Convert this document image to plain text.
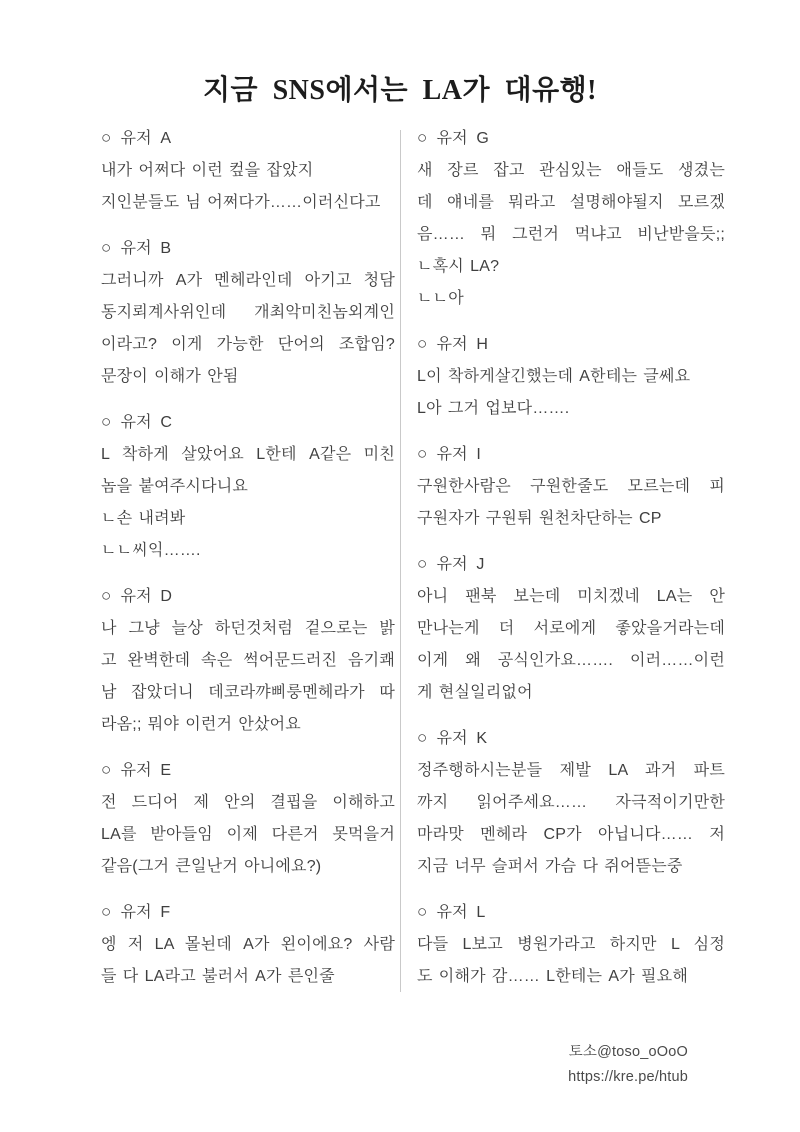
지금 SNS에서는 LA가 대유행!
○ 유저 A
내가 어쩌다 이런 컾을 잡았지
지인분들도 님 어쩌다가……이러신다고
○ 유저 B
그러니까 A가 멘헤라인데 아기고 청담
동지뢰계사위인데 개최악미친놈외계인
이라고? 이게 가능한 단어의 조합임?
문장이 이해가 안됨
○ 유저 C
L 착하게 살았어요 L한테 A같은 미친
놈을 붙여주시다니요
ㄴ손 내려봐
ㄴㄴ씨익…….
○ 유저 D
나 그냥 늘상 하던것처럼 겉으로는 밝
고 완벽한데 속은 썩어문드러진 음기쾌
남 잡았더니 데코라꺄삐룽멘헤라가 따
라옴;; 뭐야 이런거 안샀어요
○ 유저 E
전 드디어 제 안의 결핍을 이해하고
LA를 받아들임 이제 다른거 못먹을거
같음(그거 큰일난거 아니에요?)
○ 유저 F
엥 저 LA 몰뇐데 A가 왼이에요? 사람
들 다 LA라고 불러서 A가 른인줄
○ 유저 G
새 장르 잡고 관심있는 애들도 생겼는
데 얘네를 뭐라고 설명해야될지 모르겠
음…… 뭐 그런거 먹냐고 비난받을듯;;
ㄴ혹시 LA?
ㄴㄴ아
○ 유저 H
L이 착하게살긴했는데 A한테는 글쎄요
L아 그거 업보다…….
○ 유저 I
구원한사람은 구원한줄도 모르는데 피
구원자가 구원튀 원천차단하는 CP
○ 유저 J
아니 팬북 보는데 미치겠네 LA는 안
만나는게 더 서로에게 좋았을거라는데
이게 왜 공식인가요……. 이러……이런
게 현실일리없어
○ 유저 K
정주행하시는분들 제발 LA 과거 파트
까지 읽어주세요…… 자극적이기만한
마라맛 멘헤라 CP가 아닙니다…… 저
지금 너무 슬퍼서 가슴 다 쥐어뜯는중
○ 유저 L
다들 L보고 병원가라고 하지만 L 심정
도 이해가 감…… L한테는 A가 필요해
토소@toso_oOoO
https://kre.pe/htub
